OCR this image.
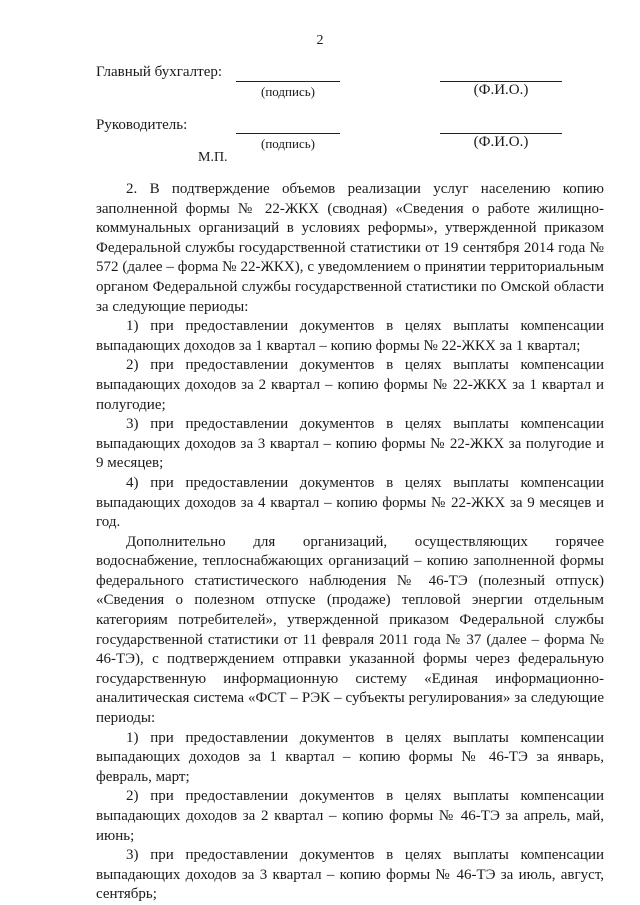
2
Главный бухгалтер:
(подпись)	(Ф.И.О.)
Руководитель:
(подпись)	(Ф.И.О.)
М.П.

2. В подтверждение объемов реализации услуг населению копию заполненной формы № 22-ЖКХ (сводная) «Сведения о работе жилищно-коммунальных организаций в условиях реформы», утвержденной приказом Федеральной службы государственной статистики от 19 сентября 2014 года № 572 (далее – форма № 22-ЖКХ), с уведомлением о принятии территориальным органом Федеральной службы государственной статистики по Омской области за следующие периоды:

1) при предоставлении документов в целях выплаты компенсации выпадающих доходов за 1 квартал – копию формы № 22-ЖКХ за 1 квартал;

2) при предоставлении документов в целях выплаты компенсации выпадающих доходов за 2 квартал – копию формы № 22-ЖКХ за 1 квартал и полугодие;

3) при предоставлении документов в целях выплаты компенсации выпадающих доходов за 3 квартал – копию формы № 22-ЖКХ за полугодие и 9 месяцев;

4) при предоставлении документов в целях выплаты компенсации выпадающих доходов за 4 квартал – копию формы № 22-ЖКХ за 9 месяцев и год.

Дополнительно для организаций, осуществляющих горячее водоснабжение, теплоснабжающих организаций – копию заполненной формы федерального статистического наблюдения № 46-ТЭ (полезный отпуск) «Сведения о полезном отпуске (продаже) тепловой энергии отдельным категориям потребителей», утвержденной приказом Федеральной службы государственной статистики от 11 февраля 2011 года № 37 (далее – форма № 46-ТЭ), с подтверждением отправки указанной формы через федеральную государственную информационную систему «Единая информационно-аналитическая система «ФСТ – РЭК – субъекты регулирования» за следующие периоды:

1) при предоставлении документов в целях выплаты компенсации выпадающих доходов за 1 квартал – копию формы № 46-ТЭ за январь, февраль, март;

2) при предоставлении документов в целях выплаты компенсации выпадающих доходов за 2 квартал – копию формы № 46-ТЭ за апрель, май, июнь;

3) при предоставлении документов в целях выплаты компенсации выпадающих доходов за 3 квартал – копию формы № 46-ТЭ за июль, август, сентябрь;
